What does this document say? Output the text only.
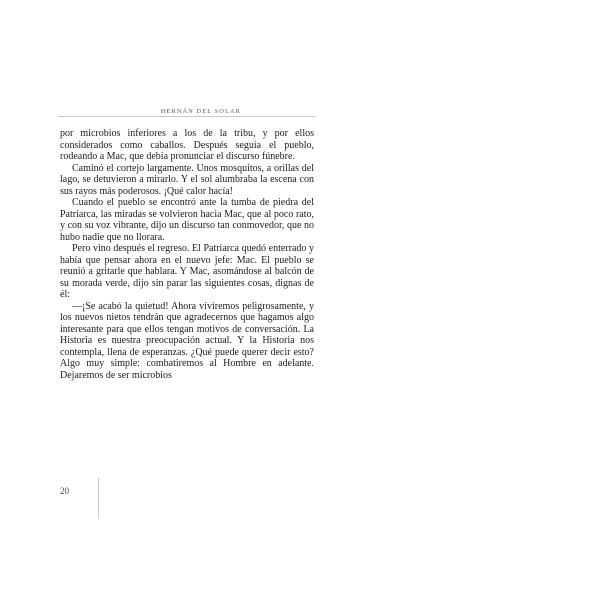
HERNÁN DEL SOLAR

por microbios inferiores a los de la tribu, y por ellos considerados como caballos. Después seguía el pueblo, rodeando a Mac, que debía pronunciar el discurso fúnebre.

Caminó el cortejo largamente. Unos mosquitos, a orillas del lago, se detuvieron a mirarlo. Y el sol alumbraba la escena con sus rayos más poderosos. ¡Qué calor hacía!

Cuando el pueblo se encontró ante la tumba de piedra del Patriarca, las miradas se volvieron hacia Mac, que al poco rato, y con su voz vibrante, dijo un discurso tan conmovedor, que no hubo nadie que no llorara.

Pero vino después el regreso. El Patriarca quedó enterrado y había que pensar ahora en el nuevo jefe: Mac. El pueblo se reunió a gritarle que hablara. Y Mac, asomándose al balcón de su morada verde, dijo sin parar las siguientes cosas, dignas de él:

—¡Se acabó la quietud! Ahora viviremos peligrosamente, y los nuevos nietos tendrán que agradecernos que hagamos algo interesante para que ellos tengan motivos de conversación. La Historia es nuestra preocupación actual. Y la Historia nos contempla, llena de esperanzas. ¿Qué puede querer decir esto? Algo muy simple: combatiremos al Hombre en adelante. Dejaremos de ser microbios

20
